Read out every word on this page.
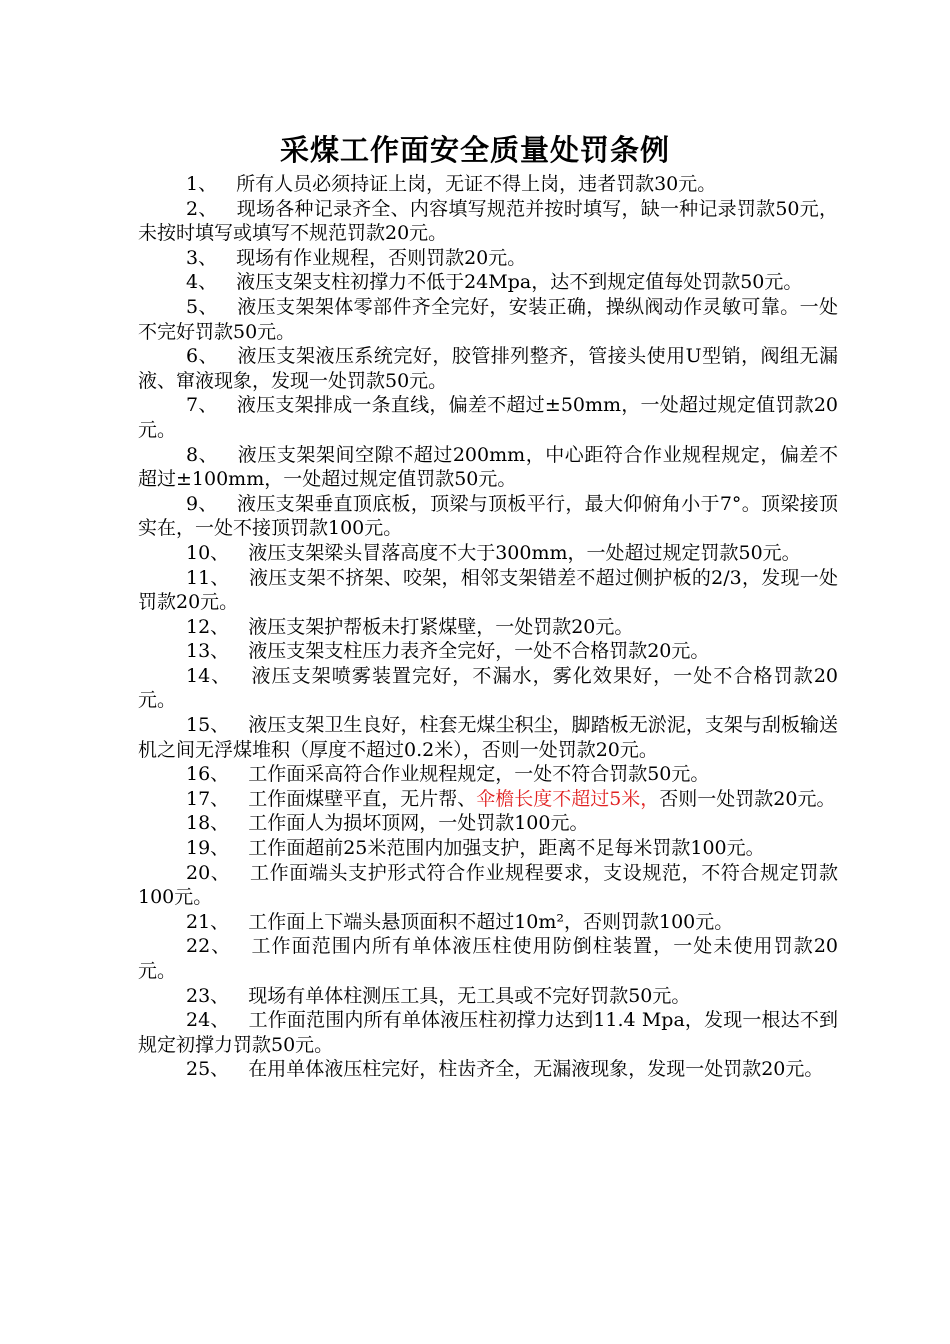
采煤工作面安全质量处罚条例

1、  所有人员必须持证上岗，无证不得上岗，违者罚款30元。

2、  现场各种记录齐全、内容填写规范并按时填写，缺一种记录罚款50元，未按时填写或填写不规范罚款20元。

3、  现场有作业规程，否则罚款20元。

4、  液压支架支柱初撑力不低于24Mpa，达不到规定值每处罚款50元。

5、  液压支架架体零部件齐全完好，安装正确，操纵阀动作灵敏可靠。一处不完好罚款50元。

6、  液压支架液压系统完好，胶管排列整齐，管接头使用U型销，阀组无漏液、窜液现象，发现一处罚款50元。

7、  液压支架排成一条直线，偏差不超过±50mm，一处超过规定值罚款20元。

8、  液压支架架间空隙不超过200mm，中心距符合作业规程规定，偏差不超过±100mm，一处超过规定值罚款50元。

9、  液压支架垂直顶底板，顶梁与顶板平行，最大仰俯角小于7°。顶梁接顶实在，一处不接顶罚款100元。

10、  液压支架梁头冒落高度不大于300mm，一处超过规定罚款50元。

11、  液压支架不挤架、咬架，相邻支架错差不超过侧护板的2/3，发现一处罚款20元。

12、  液压支架护帮板未打紧煤壁，一处罚款20元。

13、  液压支架支柱压力表齐全完好，一处不合格罚款20元。

14、  液压支架喷雾装置完好，不漏水，雾化效果好，一处不合格罚款20元。

15、  液压支架卫生良好，柱套无煤尘积尘，脚踏板无淤泥，支架与刮板输送机之间无浮煤堆积（厚度不超过0.2米），否则一处罚款20元。

16、  工作面采高符合作业规程规定，一处不符合罚款50元。

17、  工作面煤壁平直，无片帮、伞檐长度不超过5米，否则一处罚款20元。

18、  工作面人为损坏顶网，一处罚款100元。

19、  工作面超前25米范围内加强支护，距离不足每米罚款100元。

20、  工作面端头支护形式符合作业规程要求，支设规范，不符合规定罚款100元。

21、  工作面上下端头悬顶面积不超过10m²，否则罚款100元。

22、  工作面范围内所有单体液压柱使用防倒柱装置，一处未使用罚款20元。

23、  现场有单体柱测压工具，无工具或不完好罚款50元。

24、  工作面范围内所有单体液压柱初撑力达到11.4 Mpa，发现一根达不到规定初撑力罚款50元。

25、  在用单体液压柱完好，柱齿齐全，无漏液现象，发现一处罚款20元。
